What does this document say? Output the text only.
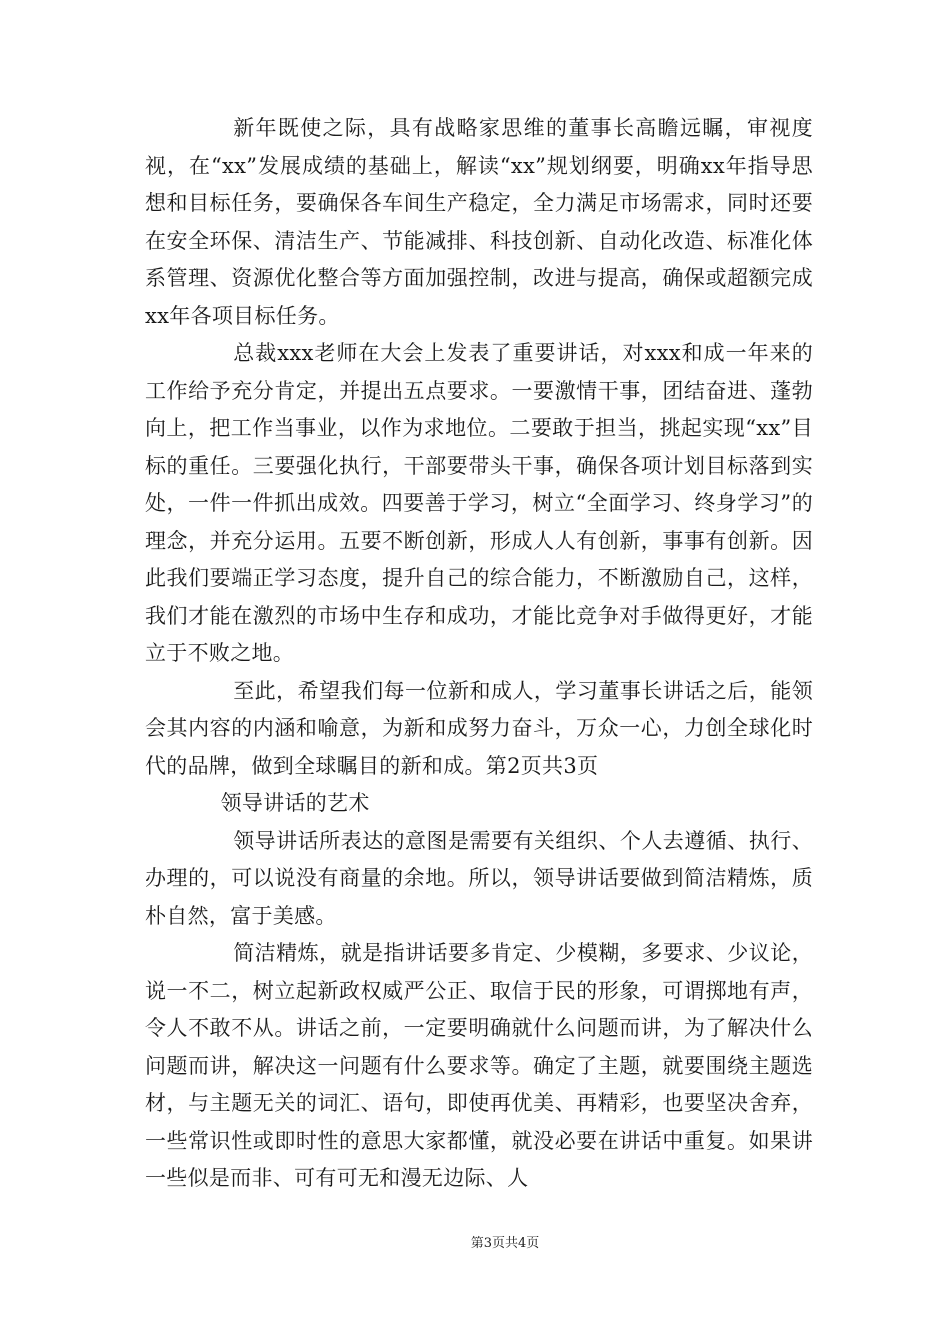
新年既使之际，具有战略家思维的董事长高瞻远瞩，审视度视，在“xx”发展成绩的基础上，解读“xx”规划纲要，明确xx年指导思想和目标任务，要确保各车间生产稳定，全力满足市场需求，同时还要在安全环保、清洁生产、节能减排、科技创新、自动化改造、标准化体系管理、资源优化整合等方面加强控制，改进与提高，确保或超额完成xx年各项目标任务。

总裁xxx老师在大会上发表了重要讲话，对xxx和成一年来的工作给予充分肯定，并提出五点要求。一要激情干事，团结奋进、蓬勃向上，把工作当事业，以作为求地位。二要敢于担当，挑起实现“xx”目标的重任。三要强化执行，干部要带头干事，确保各项计划目标落到实处，一件一件抓出成效。四要善于学习，树立“全面学习、终身学习”的理念，并充分运用。五要不断创新，形成人人有创新，事事有创新。因此我们要端正学习态度，提升自己的综合能力，不断激励自己，这样，我们才能在激烈的市场中生存和成功，才能比竞争对手做得更好，才能立于不败之地。

至此，希望我们每一位新和成人，学习董事长讲话之后，能领会其内容的内涵和喻意，为新和成努力奋斗，万众一心，力创全球化时代的品牌，做到全球瞩目的新和成。第2页共3页

领导讲话的艺术

领导讲话所表达的意图是需要有关组织、个人去遵循、执行、办理的，可以说没有商量的余地。所以，领导讲话要做到简洁精炼，质朴自然，富于美感。

简洁精炼，就是指讲话要多肯定、少模糊，多要求、少议论，说一不二，树立起新政权威严公正、取信于民的形象，可谓掷地有声，令人不敢不从。讲话之前，一定要明确就什么问题而讲，为了解决什么问题而讲，解决这一问题有什么要求等。确定了主题，就要围绕主题选材，与主题无关的词汇、语句，即使再优美、再精彩，也要坚决舍弃，一些常识性或即时性的意思大家都懂，就没必要在讲话中重复。如果讲一些似是而非、可有可无和漫无边际、人

第3页共4页
